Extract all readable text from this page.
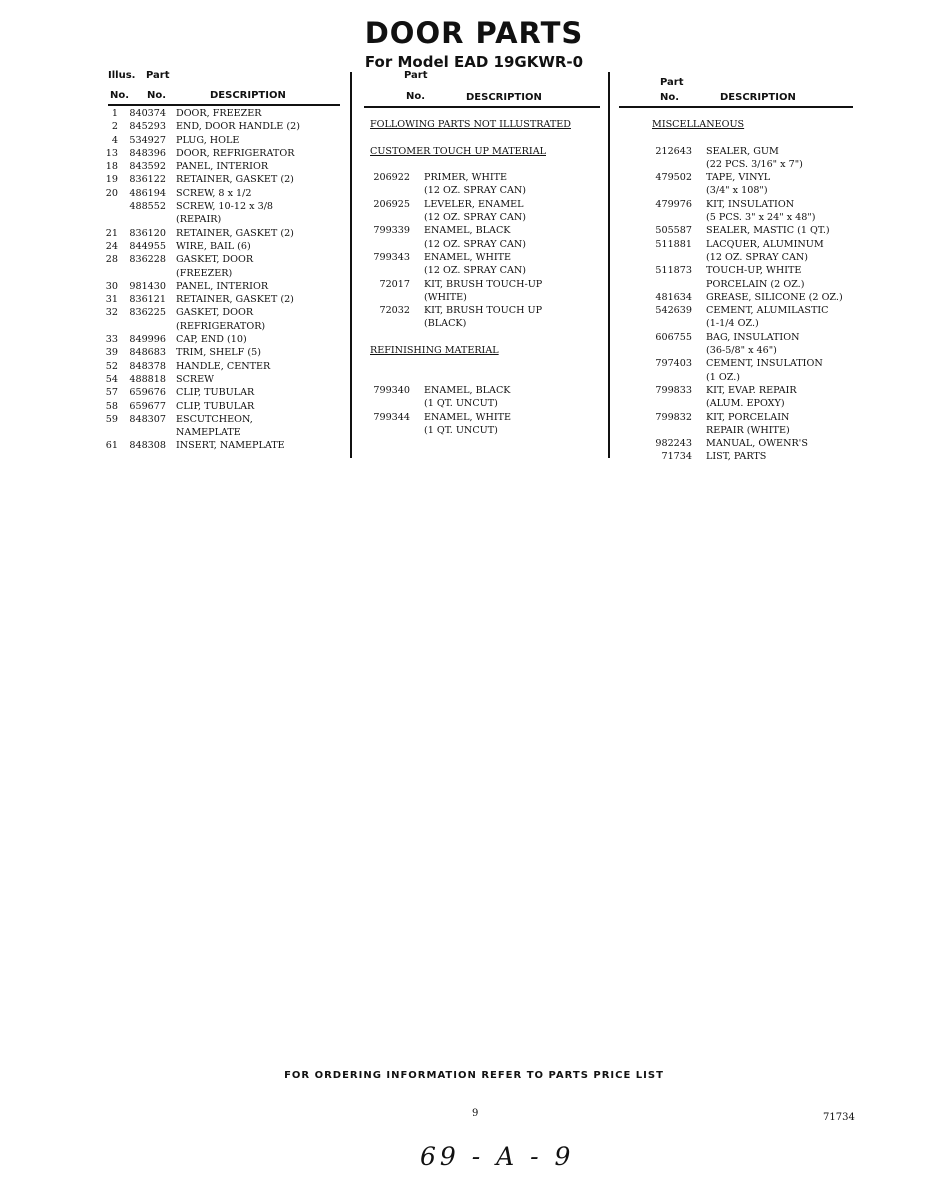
DOOR PARTS
For Model EAD 19GKWR-0
Illus. Part
No. No.	DESCRIPTION
Part
No.	DESCRIPTION
Part
No.	DESCRIPTION
1	840374 DOOR, FREEZER
2	845293 END, DOOR HANDLE (2)
4	534927 PLUG, HOLE
13	848396 DOOR, REFRIGERATOR
18	843592 PANEL, INTERIOR
19	836122 RETAINER, GASKET (2)
20	486194 SCREW, 8 x 1/2
488552 SCREW, 10-12 x 3/8
(REPAIR)
21	836120 RETAINER, GASKET (2)
24	844955 WIRE, BAIL (6)
28	836228 GASKET, DOOR
(FREEZER)
30	981430 PANEL, INTERIOR
31	836121 RETAINER, GASKET (2)
32	836225 GASKET, DOOR
(REFRIGERATOR)
33	849996 CAP, END (10)
39	848683 TRIM, SHELF (5)
52	848378 HANDLE, CENTER
54	488818 SCREW
57	659676 CLIP, TUBULAR
58	659677 CLIP, TUBULAR
59	848307 ESCUTCHEON,
NAMEPLATE
61	848308 INSERT, NAMEPLATE
FOLLOWING PARTS NOT ILLUSTRATED
CUSTOMER TOUCH UP MATERIAL
206922 PRIMER, WHITE
(12 OZ. SPRAY CAN)
206925 LEVELER, ENAMEL
(12 OZ. SPRAY CAN)
799339 ENAMEL, BLACK
(12 OZ. SPRAY CAN)
799343 ENAMEL, WHITE
(12 OZ. SPRAY CAN)
72017 KIT, BRUSH TOUCH-UP
(WHITE)
72032 KIT, BRUSH TOUCH UP
(BLACK)
REFINISHING MATERIAL
799340 ENAMEL, BLACK
(1 QT. UNCUT)
799344 ENAMEL, WHITE
(1 QT. UNCUT)
MISCELLANEOUS
212643 SEALER, GUM
(22 PCS. 3/16" x 7")
479502 TAPE, VINYL
(3/4" x 108")
479976 KIT, INSULATION
(5 PCS. 3" x 24" x 48")
505587 SEALER, MASTIC (1 QT.)
511881 LACQUER, ALUMINUM
(12 OZ. SPRAY CAN)
511873 TOUCH-UP, WHITE
PORCELAIN (2 OZ.)
481634 GREASE, SILICONE (2 OZ.)
542639 CEMENT, ALUMILASTIC
(1-1/4 OZ.)
606755 BAG, INSULATION
(36-5/8" x 46")
797403 CEMENT, INSULATION
(1 OZ.)
799833 KIT, EVAP. REPAIR
(ALUM. EPOXY)
799832 KIT, PORCELAIN
REPAIR (WHITE)
982243 MANUAL, OWENR'S
71734 LIST, PARTS
FOR ORDERING INFORMATION REFER TO PARTS PRICE LIST
9	71734
69 - A - 9
